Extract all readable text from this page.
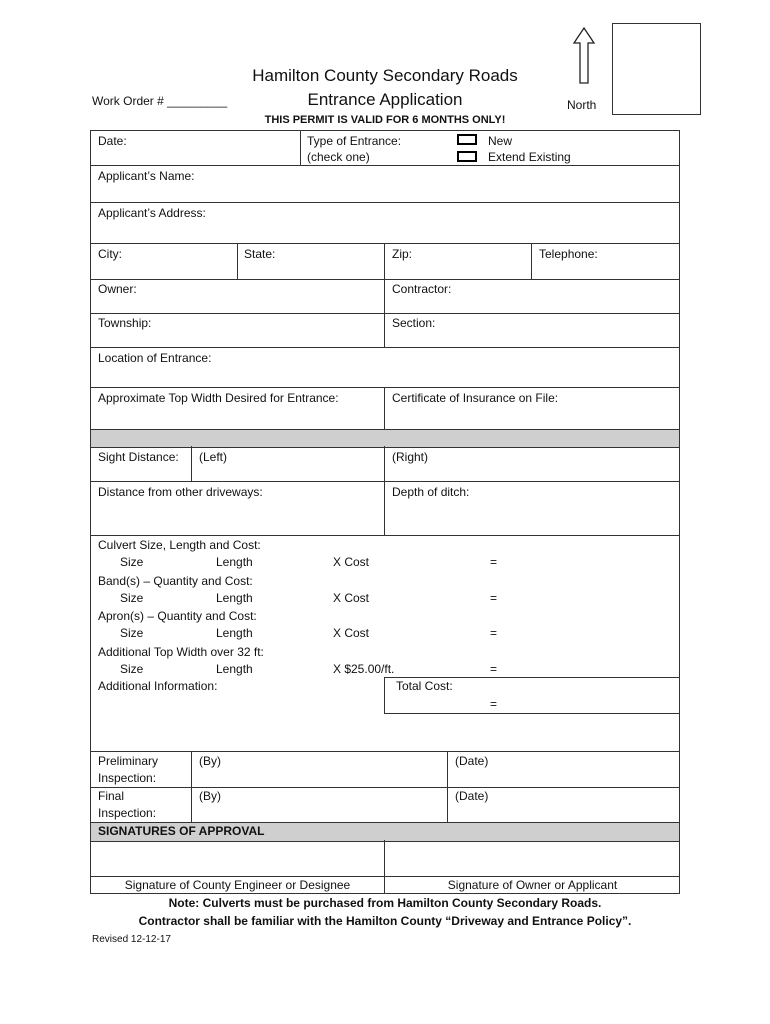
Hamilton County Secondary Roads
Entrance Application
Work Order # _________
THIS PERMIT IS VALID FOR 6 MONTHS ONLY!
North
Date:	Type of Entrance:
(check one)
New
Extend Existing
Applicant’s Name:
Applicant’s Address:
City:	State:	Zip:	Telephone:
Owner:	Contractor:
Township:	Section:
Location of Entrance:
Approximate Top Width Desired for Entrance:	Certificate of Insurance on File:
Sight Distance: (Left)	(Right)
Distance from other driveways:	Depth of ditch:
Culvert Size, Length and Cost:
Size	Length	X Cost	=
Band(s) – Quantity and Cost:
Size	Length	X Cost	=
Apron(s) – Quantity and Cost:
Size	Length	X Cost	=
Additional Top Width over 32 ft:
Size	Length	X $25.00/ft.	=
Additional Information:	Total Cost:
=
Preliminary
Inspection:
(By)	(Date)
Final
Inspection:
(By)	(Date)
SIGNATURES OF APPROVAL
Signature of County Engineer or Designee	Signature of Owner or Applicant
Note: Culverts must be purchased from Hamilton County Secondary Roads.
Contractor shall be familiar with the Hamilton County “Driveway and Entrance Policy”.
Revised 12-12-17
